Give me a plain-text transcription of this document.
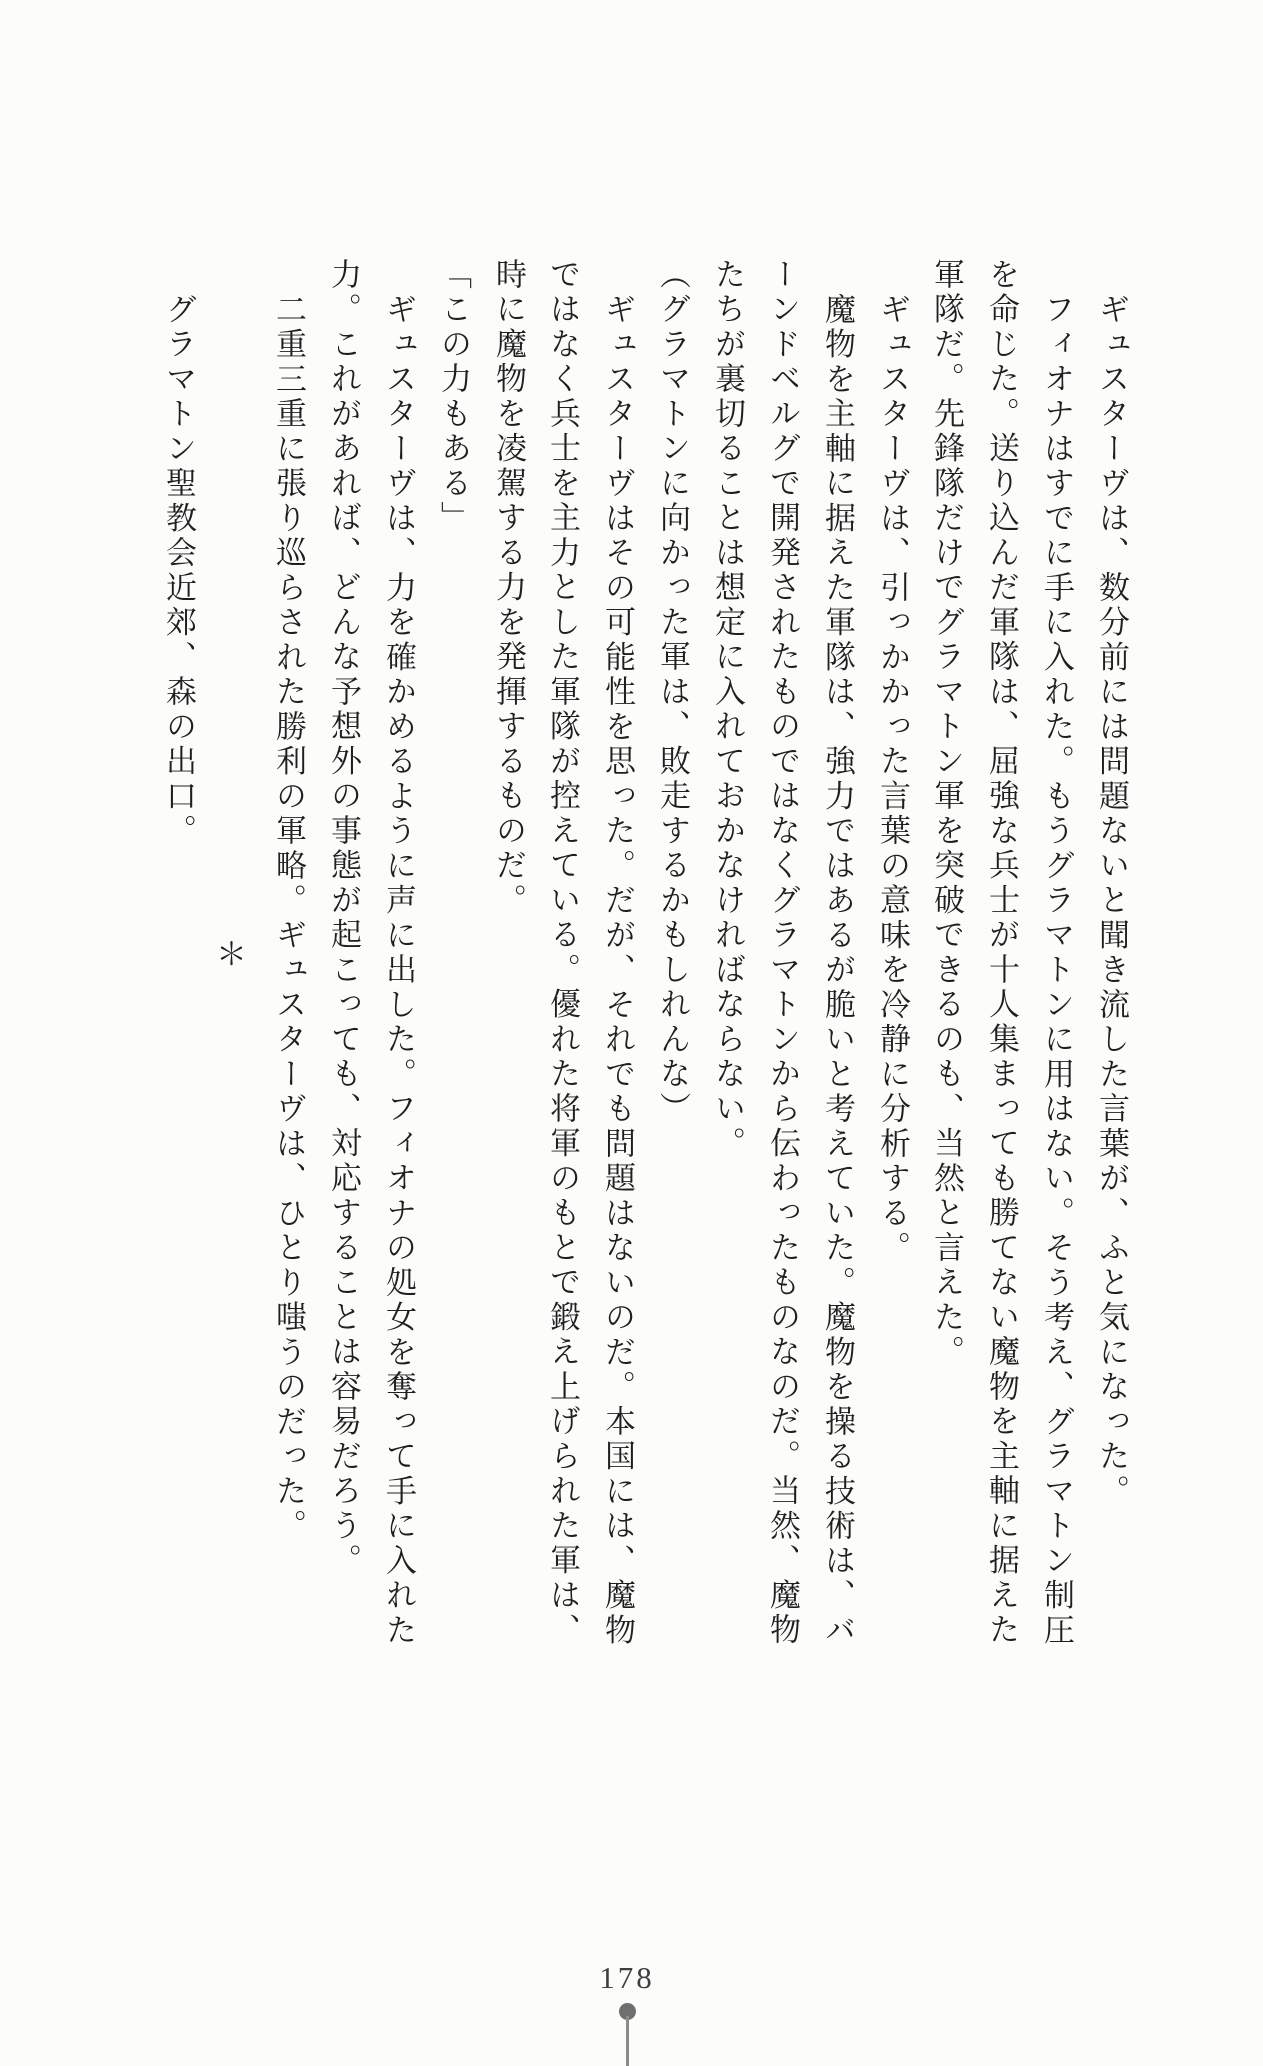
ギュスターヴは、数分前には問題ないと聞き流した言葉が、ふと気になった。
フィオナはすでに手に入れた。もうグラマトンに用はない。そう考え、グラマトン制圧
を命じた。送り込んだ軍隊は、屈強な兵士が十人集まっても勝てない魔物を主軸に据えた
軍隊だ。先鋒隊だけでグラマトン軍を突破できるのも、当然と言えた。
ギュスターヴは、引っかかった言葉の意味を冷静に分析する。
魔物を主軸に据えた軍隊は、強力ではあるが脆いと考えていた。魔物を操る技術は、バ
ーンドベルグで開発されたものではなくグラマトンから伝わったものなのだ。当然、魔物
たちが裏切ることは想定に入れておかなければならない。
（グラマトンに向かった軍は、敗走するかもしれんな）
ギュスターヴはその可能性を思った。だが、それでも問題はないのだ。本国には、魔物
ではなく兵士を主力とした軍隊が控えている。優れた将軍のもとで鍛え上げられた軍は、
時に魔物を凌駕する力を発揮するものだ。
「この力もある」
ギュスターヴは、力を確かめるように声に出した。フィオナの処女を奪って手に入れた
力。これがあれば、どんな予想外の事態が起こっても、対応することは容易だろう。
二重三重に張り巡らされた勝利の軍略。ギュスターヴは、ひとり嗤うのだった。
＊
グラマトン聖教会近郊、森の出口。
178
